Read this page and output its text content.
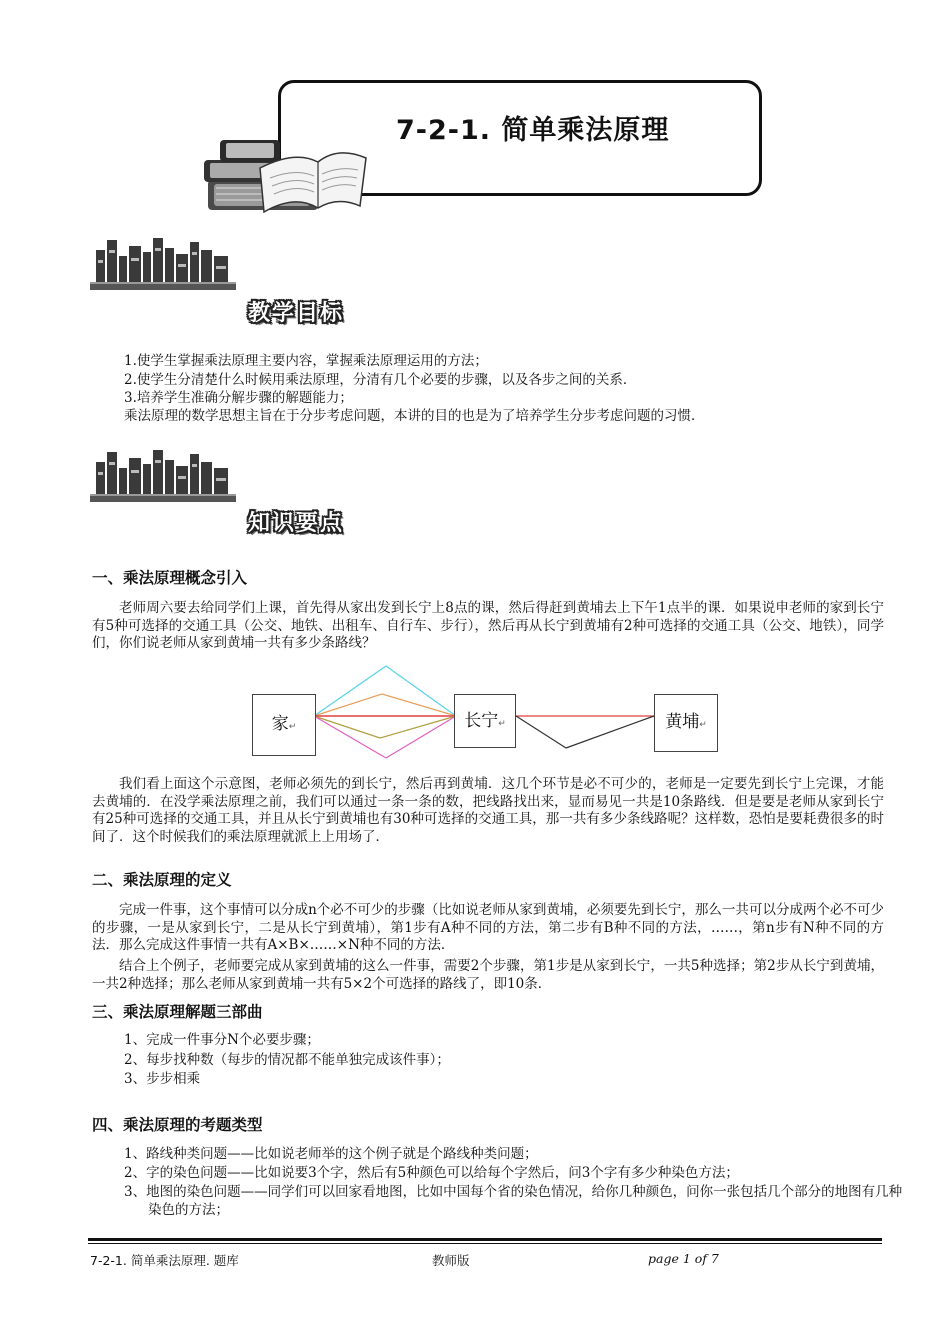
7-2-1. 简单乘法原理
教学目标
1.使学生掌握乘法原理主要内容，掌握乘法原理运用的方法；
2.使学生分清楚什么时候用乘法原理，分清有几个必要的步骤，以及各步之间的关系．
3.培养学生准确分解步骤的解题能力；
乘法原理的数学思想主旨在于分步考虑问题，本讲的目的也是为了培养学生分步考虑问题的习惯．
知识要点
一、乘法原理概念引入

老师周六要去给同学们上课，首先得从家出发到长宁上8点的课，然后得赶到黄埔去上下午1点半的课．如果说申老师的家到长宁有5种可选择的交通工具（公交、地铁、出租车、自行车、步行），然后再从长宁到黄埔有2种可选择的交通工具（公交、地铁），同学们，你们说老师从家到黄埔一共有多少条路线？

家↵	长宁↵	黄埔↵

我们看上面这个示意图，老师必须先的到长宁，然后再到黄埔．这几个环节是必不可少的，老师是一定要先到长宁上完课，才能去黄埔的．在没学乘法原理之前，我们可以通过一条一条的数，把线路找出来，显而易见一共是10条路线．但是要是老师从家到长宁有25种可选择的交通工具，并且从长宁到黄埔也有30种可选择的交通工具，那一共有多少条线路呢？这样数，恐怕是要耗费很多的时间了．这个时候我们的乘法原理就派上上用场了．

二、乘法原理的定义

完成一件事，这个事情可以分成n个必不可少的步骤（比如说老师从家到黄埔，必须要先到长宁，那么一共可以分成两个必不可少的步骤，一是从家到长宁，二是从长宁到黄埔），第1步有A种不同的方法，第二步有B种不同的方法，……，第n步有N种不同的方法．那么完成这件事情一共有A×B×……×N种不同的方法．

结合上个例子，老师要完成从家到黄埔的这么一件事，需要2个步骤，第1步是从家到长宁，一共5种选择；第2步从长宁到黄埔，一共2种选择；那么老师从家到黄埔一共有5×2个可选择的路线了，即10条．

三、乘法原理解题三部曲
1、完成一件事分N个必要步骤；
2、每步找种数（每步的情况都不能单独完成该件事）；
3、步步相乘
四、乘法原理的考题类型
1、路线种类问题——比如说老师举的这个例子就是个路线种类问题；
2、字的染色问题——比如说要3个字，然后有5种颜色可以给每个字然后，问3个字有多少种染色方法；
3、地图的染色问题——同学们可以回家看地图，比如中国每个省的染色情况，给你几种颜色，问你一张包括几个部分的地图有几种染色的方法；
7-2-1. 简单乘法原理. 题库	教师版	page 1 of 7
